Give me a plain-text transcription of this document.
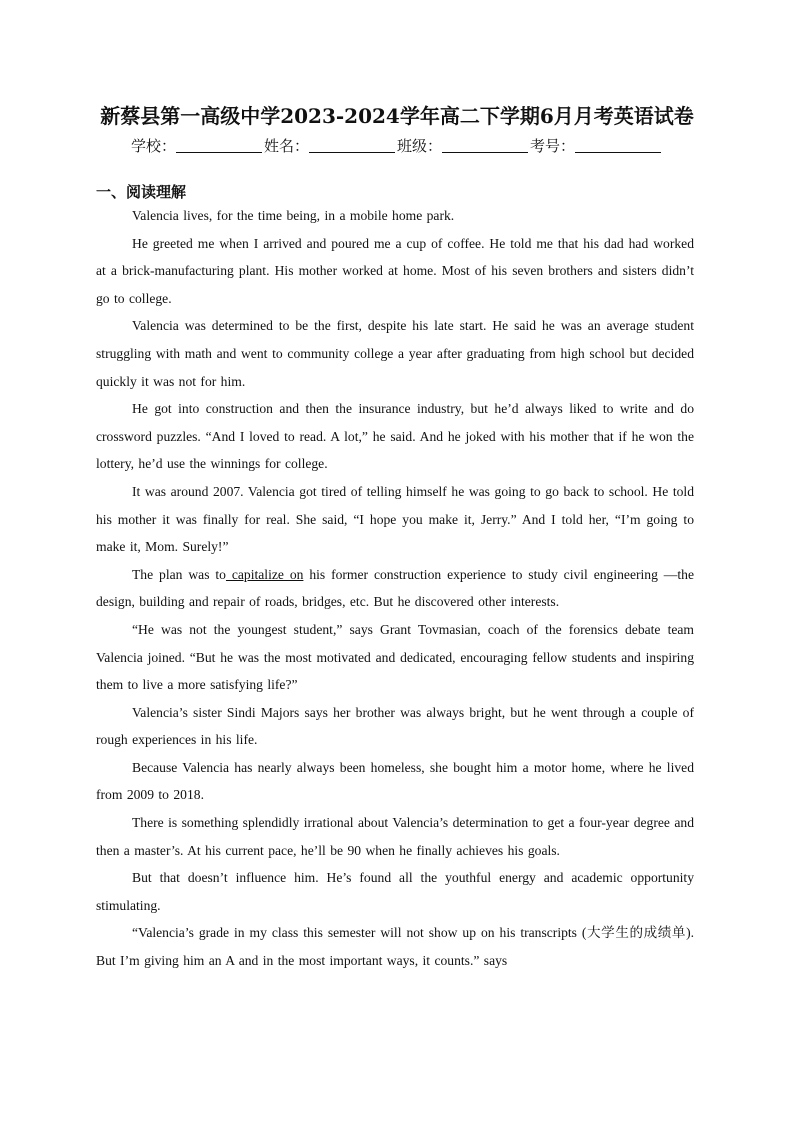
新蔡县第一高级中学2023-2024学年高二下学期6月月考英语试卷
学校：	姓名：	班级：	考号：
一、阅读理解

Valencia lives, for the time being, in a mobile home park.

He greeted me when I arrived and poured me a cup of coffee. He told me that his dad had worked at a brick-manufacturing plant. His mother worked at home. Most of his seven brothers and sisters didn’t go to college.

Valencia was determined to be the first, despite his late start. He said he was an average student struggling with math and went to community college a year after graduating from high school but decided quickly it was not for him.

He got into construction and then the insurance industry, but he’d always liked to write and do crossword puzzles. “And I loved to read. A lot,” he said. And he joked with his mother that if he won the lottery, he’d use the winnings for college.

It was around 2007. Valencia got tired of telling himself he was going to go back to school. He told his mother it was finally for real. She said, “I hope you make it, Jerry.” And I told her, “I’m going to make it, Mom. Surely!”

The plan was to capitalize on his former construction experience to study civil engineering —the design, building and repair of roads, bridges, etc. But he discovered other interests.

“He was not the youngest student,” says Grant Tovmasian, coach of the forensics debate team Valencia joined. “But he was the most motivated and dedicated, encouraging fellow students and inspiring them to live a more satisfying life?”

Valencia’s sister Sindi Majors says her brother was always bright, but he went through a couple of rough experiences in his life.

Because Valencia has nearly always been homeless, she bought him a motor home, where he lived from 2009 to 2018.

There is something splendidly irrational about Valencia’s determination to get a four-year degree and then a master’s. At his current pace, he’ll be 90 when he finally achieves his goals.

But that doesn’t influence him. He’s found all the youthful energy and academic opportunity stimulating.

“Valencia’s grade in my class this semester will not show up on his transcripts (大学生的成绩单). But I’m giving him an A and in the most important ways, it counts.” says
